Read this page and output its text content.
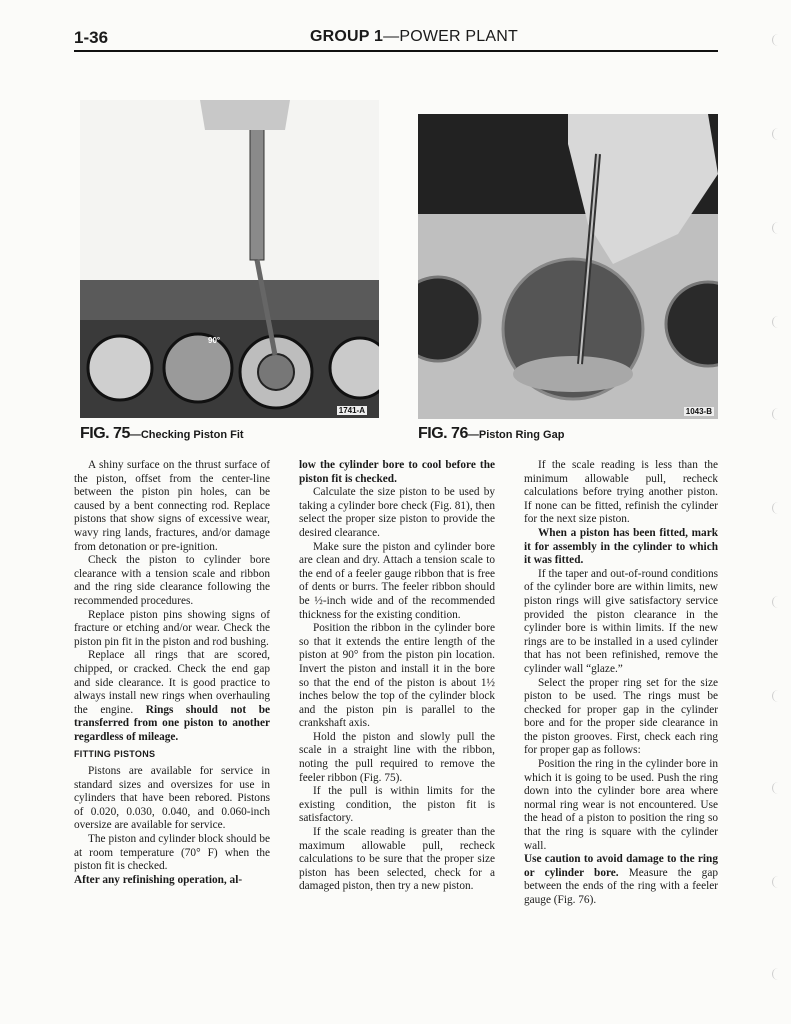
1-36	GROUP 1—POWER PLANT
1741-A
90°
FIG. 75—Checking Piston Fit
1043-B
FIG. 76—Piston Ring Gap

A shiny surface on the thrust surface of the piston, offset from the center-line between the piston pin holes, can be caused by a bent connecting rod. Replace pistons that show signs of excessive wear, wavy ring lands, fractures, and/or damage from detonation or pre-ignition.

Check the piston to cylinder bore clearance with a tension scale and ribbon and the ring side clearance following the recommended procedures.

Replace piston pins showing signs of fracture or etching and/or wear. Check the piston pin fit in the piston and rod bushing.

Replace all rings that are scored, chipped, or cracked. Check the end gap and side clearance. It is good practice to always install new rings when overhauling the engine. Rings should not be transferred from one piston to another regardless of mileage.

FITTING PISTONS

Pistons are available for service in standard sizes and oversizes for use in cylinders that have been rebored. Pistons of 0.020, 0.030, 0.040, and 0.060-inch oversize are available for service.

The piston and cylinder block should be at room temperature (70° F) when the piston fit is checked.

After any refinishing operation, al-

low the cylinder bore to cool before the piston fit is checked.

Calculate the size piston to be used by taking a cylinder bore check (Fig. 81), then select the proper size piston to provide the desired clearance.

Make sure the piston and cylinder bore are clean and dry. Attach a tension scale to the end of a feeler gauge ribbon that is free of dents or burrs. The feeler ribbon should be ½-inch wide and of the recommended thickness for the existing condition.

Position the ribbon in the cylinder bore so that it extends the entire length of the piston at 90° from the piston pin location. Invert the piston and install it in the bore so that the end of the piston is about 1½ inches below the top of the cylinder block and the piston pin is parallel to the crankshaft axis.

Hold the piston and slowly pull the scale in a straight line with the ribbon, noting the pull required to remove the feeler ribbon (Fig. 75).

If the pull is within limits for the existing condition, the piston fit is satisfactory.

If the scale reading is greater than the maximum allowable pull, recheck calculations to be sure that the proper size piston has been selected, check for a damaged piston, then try a new piston.

If the scale reading is less than the minimum allowable pull, recheck calculations before trying another piston. If none can be fitted, refinish the cylinder for the next size piston.

When a piston has been fitted, mark it for assembly in the cylinder to which it was fitted.

If the taper and out-of-round conditions of the cylinder bore are within limits, new piston rings will give satisfactory service provided the piston clearance in the cylinder bore is within limits. If the new rings are to be installed in a used cylinder that has not been refinished, remove the cylinder wall “glaze.”

Select the proper ring set for the size piston to be used. The rings must be checked for proper gap in the cylinder bore and for the proper side clearance in the piston grooves. First, check each ring for proper gap as follows:

Position the ring in the cylinder bore in which it is going to be used. Push the ring down into the cylinder bore area where normal ring wear is not encountered. Use the head of a piston to position the ring so that the ring is square with the cylinder wall.

Use caution to avoid damage to the ring or cylinder bore. Measure the gap between the ends of the ring with a feeler gauge (Fig. 76).
